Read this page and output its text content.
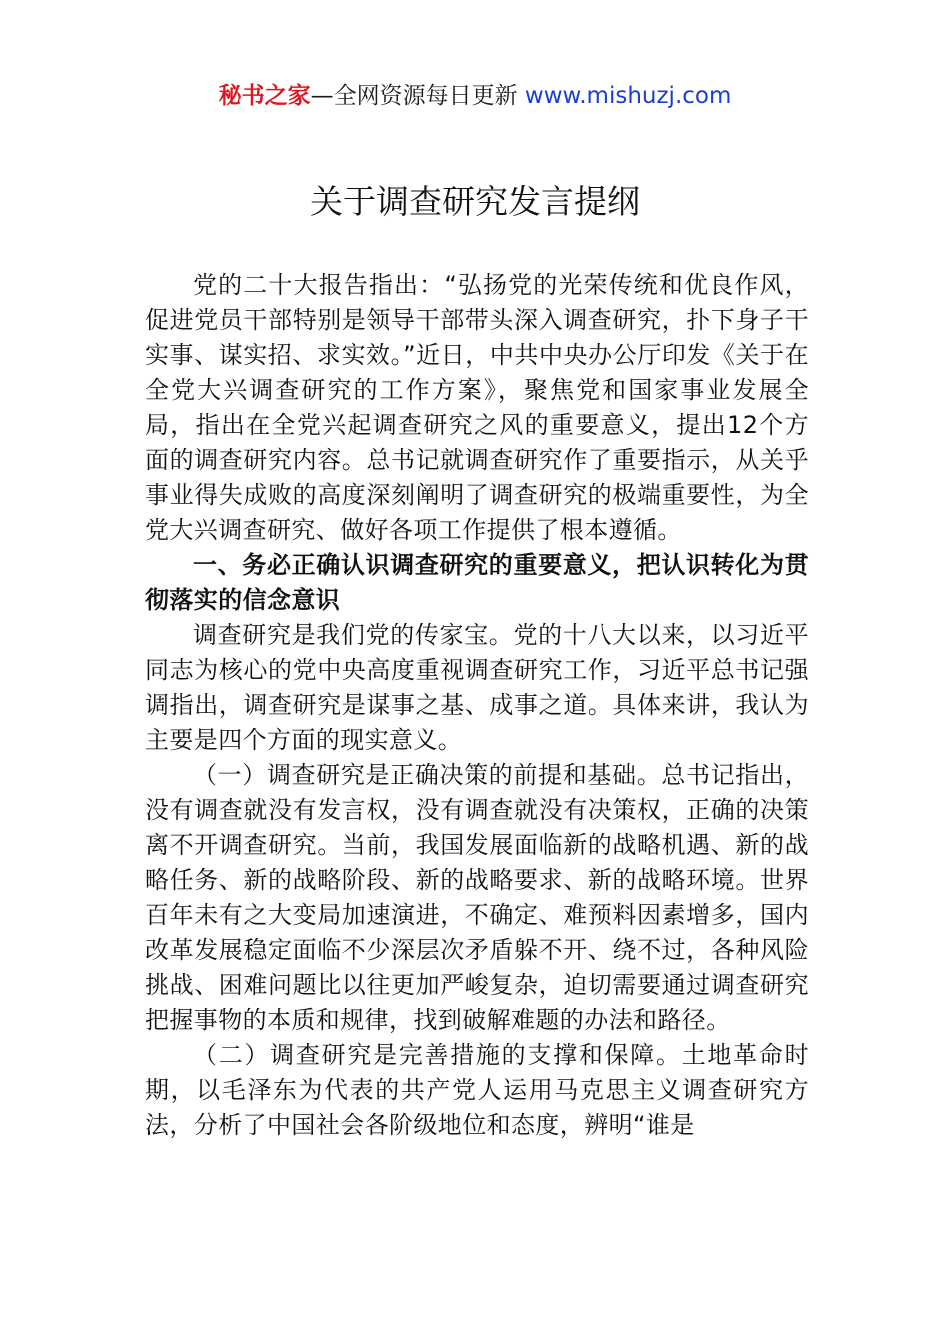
秘书之家—全网资源每日更新 www.mishuzj.com
关于调查研究发言提纲

党的二十大报告指出：“弘扬党的光荣传统和优良作风，促进党员干部特别是领导干部带头深入调查研究，扑下身子干实事、谋实招、求实效。”近日，中共中央办公厅印发《关于在全党大兴调查研究的工作方案》，聚焦党和国家事业发展全局，指出在全党兴起调查研究之风的重要意义，提出12个方面的调查研究内容。总书记就调查研究作了重要指示，从关乎事业得失成败的高度深刻阐明了调查研究的极端重要性，为全党大兴调查研究、做好各项工作提供了根本遵循。

一、务必正确认识调查研究的重要意义，把认识转化为贯彻落实的信念意识

调查研究是我们党的传家宝。党的十八大以来，以习近平同志为核心的党中央高度重视调查研究工作，习近平总书记强调指出，调查研究是谋事之基、成事之道。具体来讲，我认为主要是四个方面的现实意义。

（一）调查研究是正确决策的前提和基础。总书记指出，没有调查就没有发言权，没有调查就没有决策权，正确的决策离不开调查研究。当前，我国发展面临新的战略机遇、新的战略任务、新的战略阶段、新的战略要求、新的战略环境。世界百年未有之大变局加速演进，不确定、难预料因素增多，国内改革发展稳定面临不少深层次矛盾躲不开、绕不过，各种风险挑战、困难问题比以往更加严峻复杂，迫切需要通过调查研究把握事物的本质和规律，找到破解难题的办法和路径。

（二）调查研究是完善措施的支撑和保障。土地革命时期，以毛泽东为代表的共产党人运用马克思主义调查研究方法，分析了中国社会各阶级地位和态度，辨明“谁是
